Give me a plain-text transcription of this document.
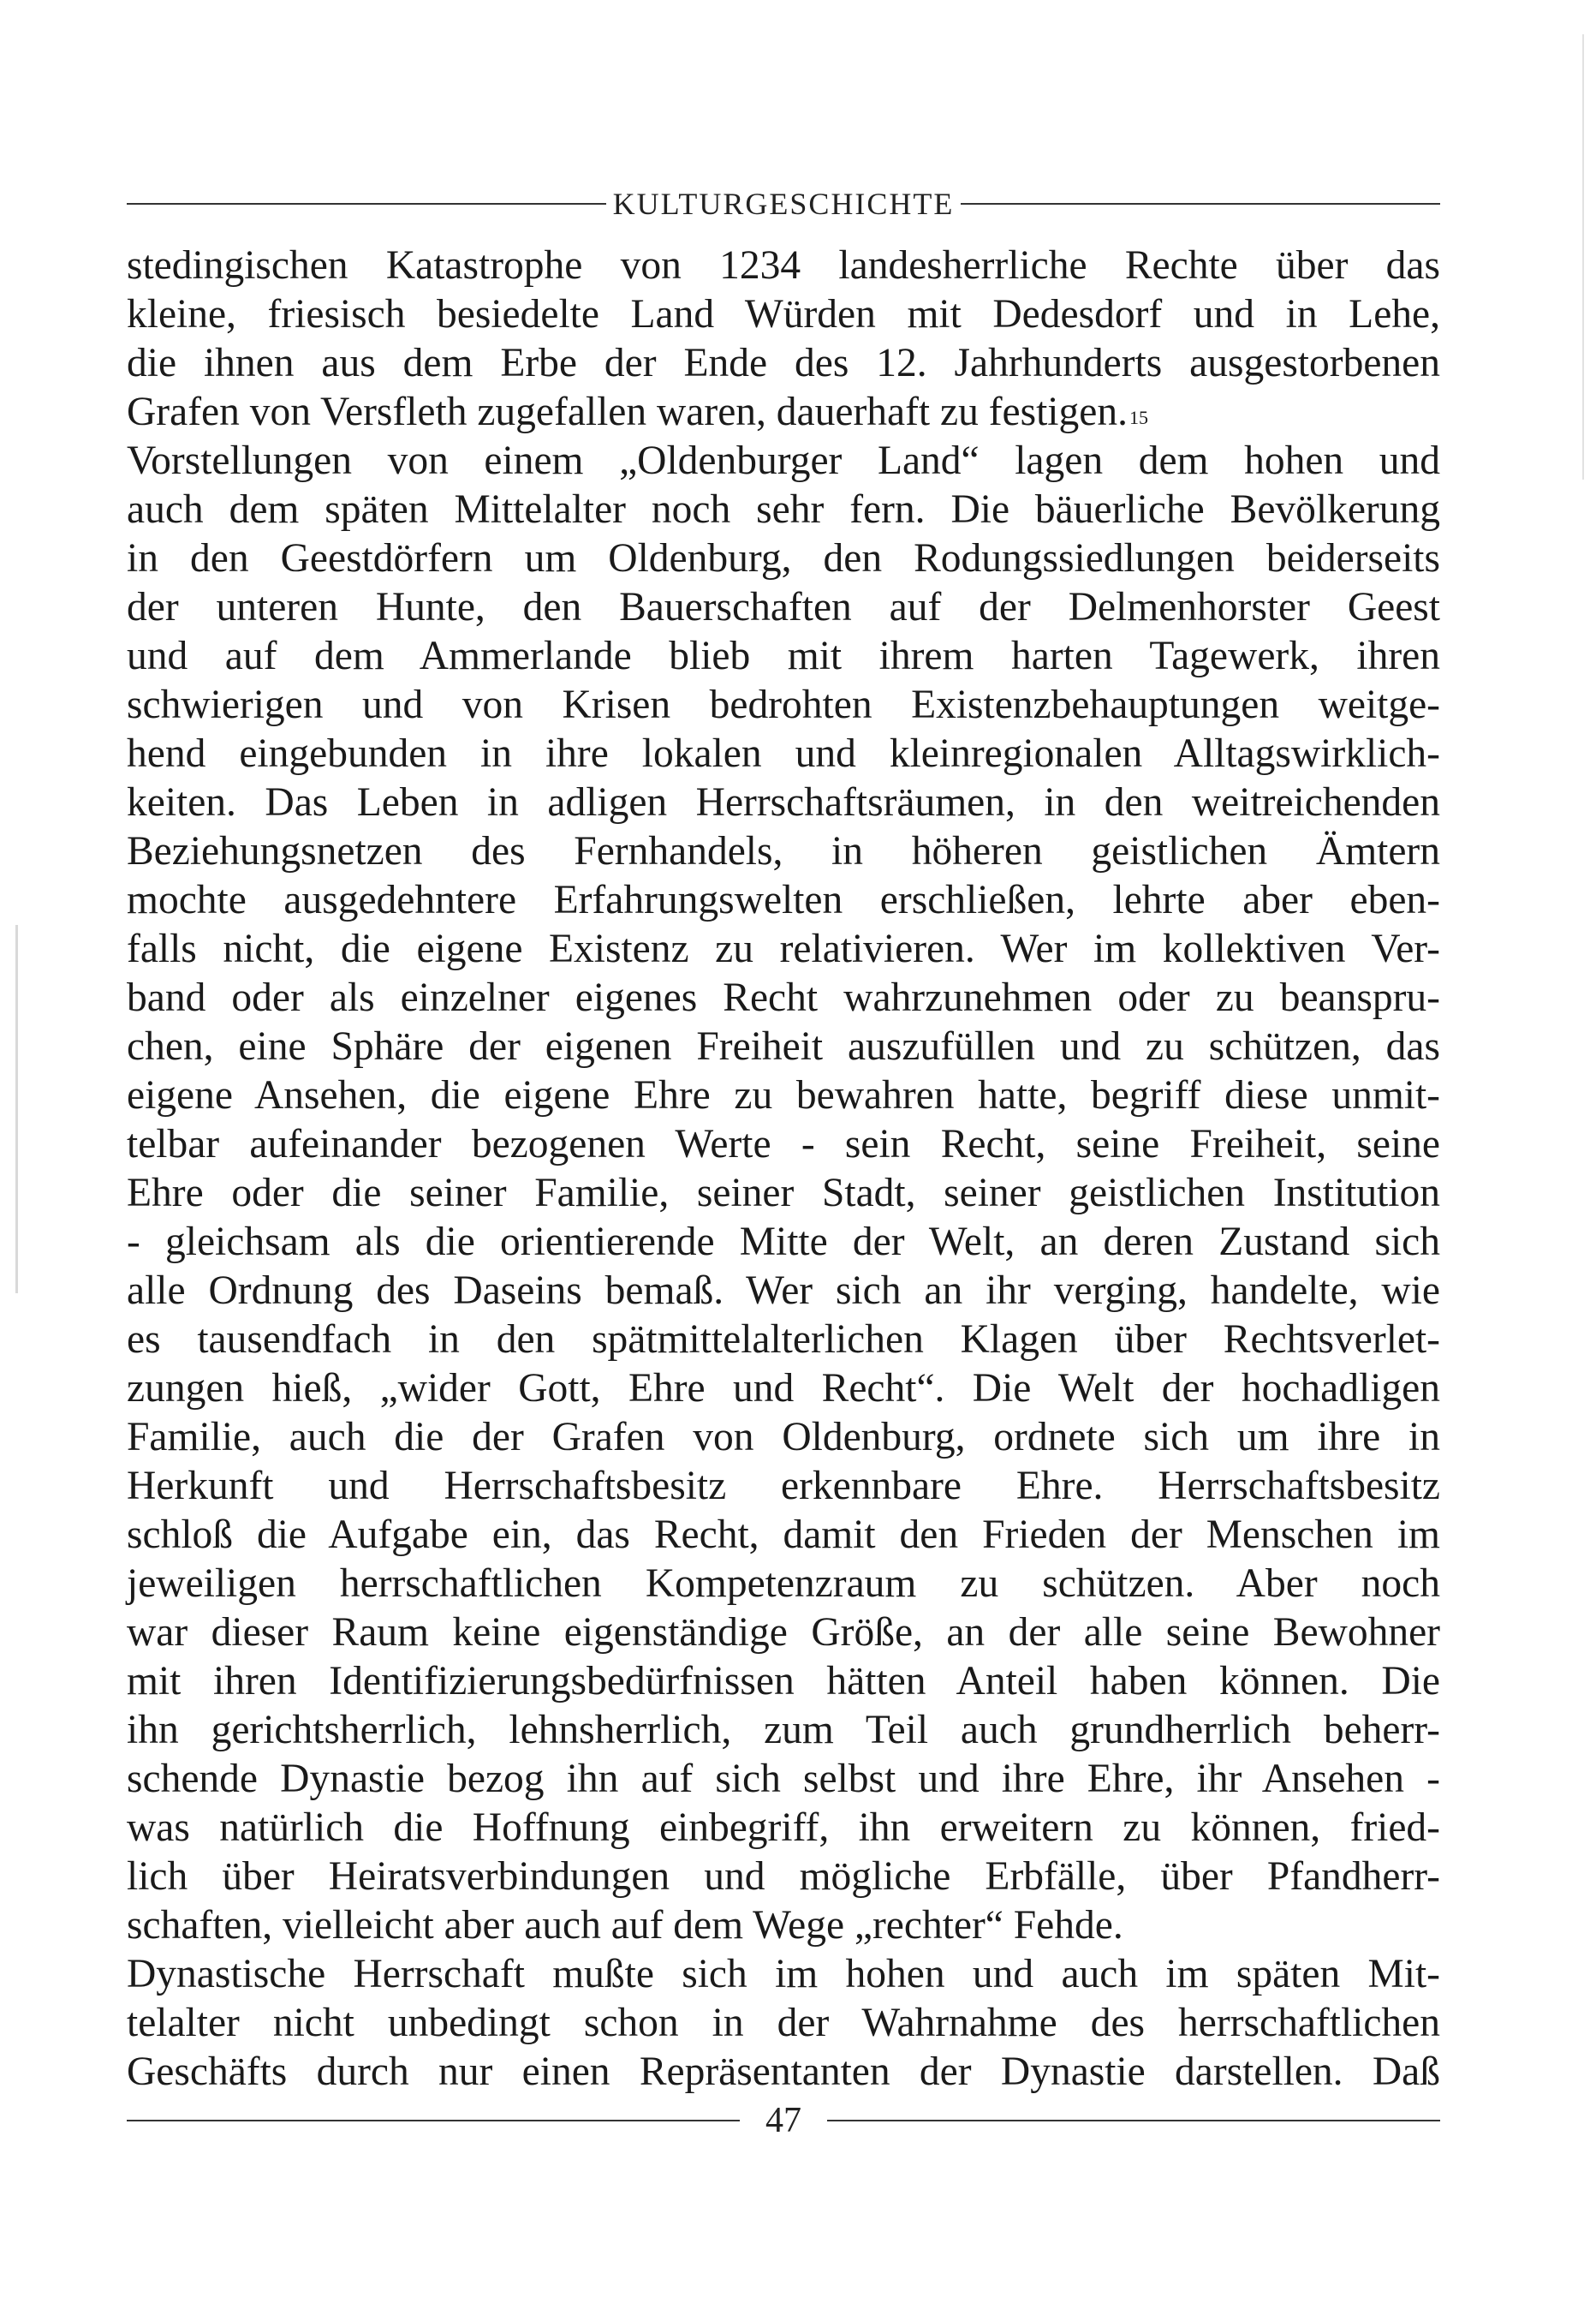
KULTURGESCHICHTE
stedingischen Katastrophe von 1234 landesherrliche Rechte über das
kleine, friesisch besiedelte Land Würden mit Dedesdorf und in Lehe,
die ihnen aus dem Erbe der Ende des 12. Jahrhunderts ausgestorbenen
Grafen von Versfleth zugefallen waren, dauerhaft zu festigen.$^{15}$
Vorstellungen von einem „Oldenburger Land“ lagen dem hohen und
auch dem späten Mittelalter noch sehr fern. Die bäuerliche Bevölkerung
in den Geestdörfern um Oldenburg, den Rodungssiedlungen beiderseits
der unteren Hunte, den Bauerschaften auf der Delmenhorster Geest
und auf dem Ammerlande blieb mit ihrem harten Tagewerk, ihren
schwierigen und von Krisen bedrohten Existenzbehauptungen weitge-
hend eingebunden in ihre lokalen und kleinregionalen Alltagswirklich-
keiten. Das Leben in adligen Herrschaftsräumen, in den weitreichenden
Beziehungsnetzen des Fernhandels, in höheren geistlichen Ämtern
mochte ausgedehntere Erfahrungswelten erschließen, lehrte aber eben-
falls nicht, die eigene Existenz zu relativieren. Wer im kollektiven Ver-
band oder als einzelner eigenes Recht wahrzunehmen oder zu beanspru-
chen, eine Sphäre der eigenen Freiheit auszufüllen und zu schützen, das
eigene Ansehen, die eigene Ehre zu bewahren hatte, begriff diese unmit-
telbar aufeinander bezogenen Werte - sein Recht, seine Freiheit, seine
Ehre oder die seiner Familie, seiner Stadt, seiner geistlichen Institution
- gleichsam als die orientierende Mitte der Welt, an deren Zustand sich
alle Ordnung des Daseins bemaß. Wer sich an ihr verging, handelte, wie
es tausendfach in den spätmittelalterlichen Klagen über Rechtsverlet-
zungen hieß, „wider Gott, Ehre und Recht“. Die Welt der hochadligen
Familie, auch die der Grafen von Oldenburg, ordnete sich um ihre in
Herkunft und Herrschaftsbesitz erkennbare Ehre. Herrschaftsbesitz
schloß die Aufgabe ein, das Recht, damit den Frieden der Menschen im
jeweiligen herrschaftlichen Kompetenzraum zu schützen. Aber noch
war dieser Raum keine eigenständige Größe, an der alle seine Bewohner
mit ihren Identifizierungsbedürfnissen hätten Anteil haben können. Die
ihn gerichtsherrlich, lehnsherrlich, zum Teil auch grundherrlich beherr-
schende Dynastie bezog ihn auf sich selbst und ihre Ehre, ihr Ansehen -
was natürlich die Hoffnung einbegriff, ihn erweitern zu können, fried-
lich über Heiratsverbindungen und mögliche Erbfälle, über Pfandherr-
schaften, vielleicht aber auch auf dem Wege „rechter“ Fehde.
Dynastische Herrschaft mußte sich im hohen und auch im späten Mit-
telalter nicht unbedingt schon in der Wahrnahme des herrschaftlichen
Geschäfts durch nur einen Repräsentanten der Dynastie darstellen. Daß
47
